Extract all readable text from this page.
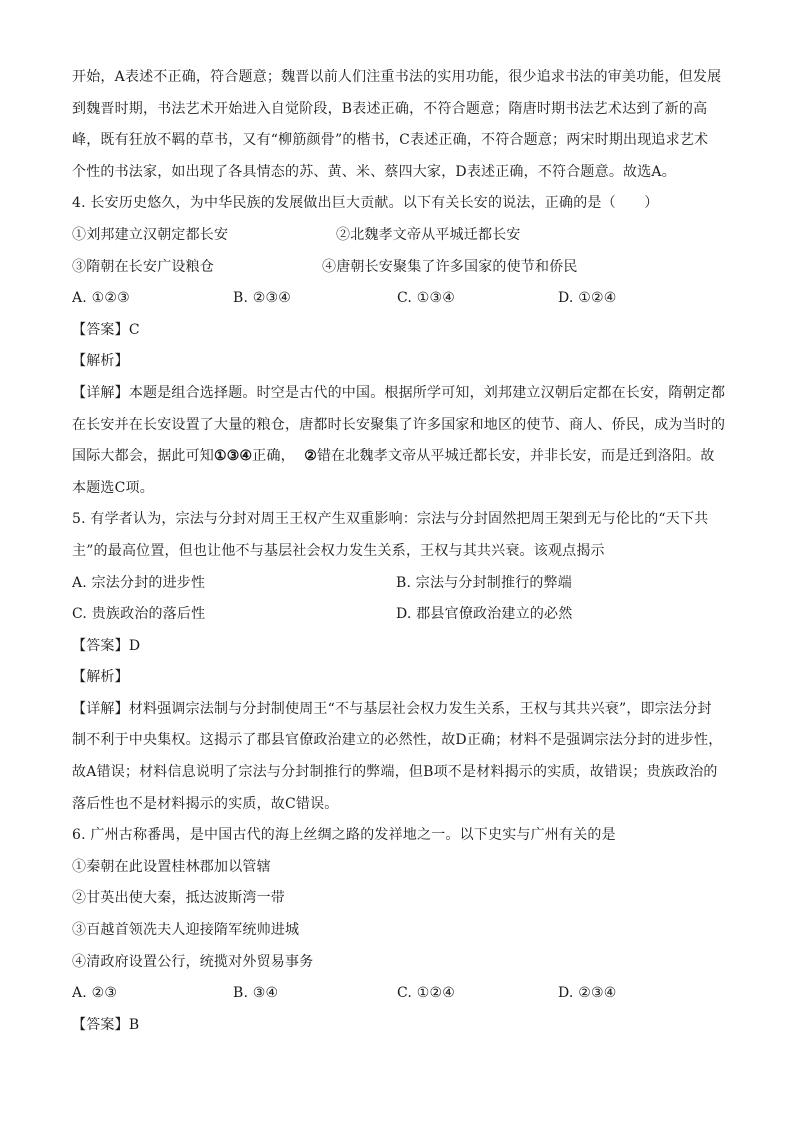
开始，A表述不正确，符合题意；魏晋以前人们注重书法的实用功能，很少追求书法的审美功能，但发展
到魏晋时期，书法艺术开始进入自觉阶段，B表述正确，不符合题意；隋唐时期书法艺术达到了新的高
峰，既有狂放不羁的草书，又有“柳筋颜骨”的楷书，C表述正确，不符合题意；两宋时期出现追求艺术
个性的书法家，如出现了各具情态的苏、黄、米、蔡四大家，D表述正确，不符合题意。故选A。
4. 长安历史悠久，为中华民族的发展做出巨大贡献。以下有关长安的说法，正确的是（　　）
①刘邦建立汉朝定都长安	②北魏孝文帝从平城迁都长安
③隋朝在长安广设粮仓	④唐朝长安聚集了许多国家的使节和侨民
A. ①②③	B. ②③④	C. ①③④	D. ①②④
【答案】C
【解析】
【详解】本题是组合选择题。时空是古代的中国。根据所学可知，刘邦建立汉朝后定都在长安，隋朝定都
在长安并在长安设置了大量的粮仓，唐都时长安聚集了许多国家和地区的使节、商人、侨民，成为当时的
国际大都会，据此可知①③④正确， ②错在北魏孝文帝从平城迁都长安，并非长安，而是迁到洛阳。故
本题选C项。
5. 有学者认为，宗法与分封对周王王权产生双重影响：宗法与分封固然把周王架到无与伦比的“天下共
主”的最高位置，但也让他不与基层社会权力发生关系，王权与其共兴衰。该观点揭示
A. 宗法分封的进步性	B. 宗法与分封制推行的弊端
C. 贵族政治的落后性	D. 郡县官僚政治建立的必然
【答案】D
【解析】
【详解】材料强调宗法制与分封制使周王“不与基层社会权力发生关系，王权与其共兴衰”，即宗法分封
制不利于中央集权。这揭示了郡县官僚政治建立的必然性，故D正确；材料不是强调宗法分封的进步性，
故A错误；材料信息说明了宗法与分封制推行的弊端，但B项不是材料揭示的实质，故错误；贵族政治的
落后性也不是材料揭示的实质，故C错误。
6. 广州古称番禺，是中国古代的海上丝绸之路的发祥地之一。以下史实与广州有关的是
①秦朝在此设置桂林郡加以管辖
②甘英出使大秦，抵达波斯湾一带
③百越首领冼夫人迎接隋军统帅进城
④清政府设置公行，统揽对外贸易事务
A. ②③	B. ③④	C. ①②④	D. ②③④
【答案】B
